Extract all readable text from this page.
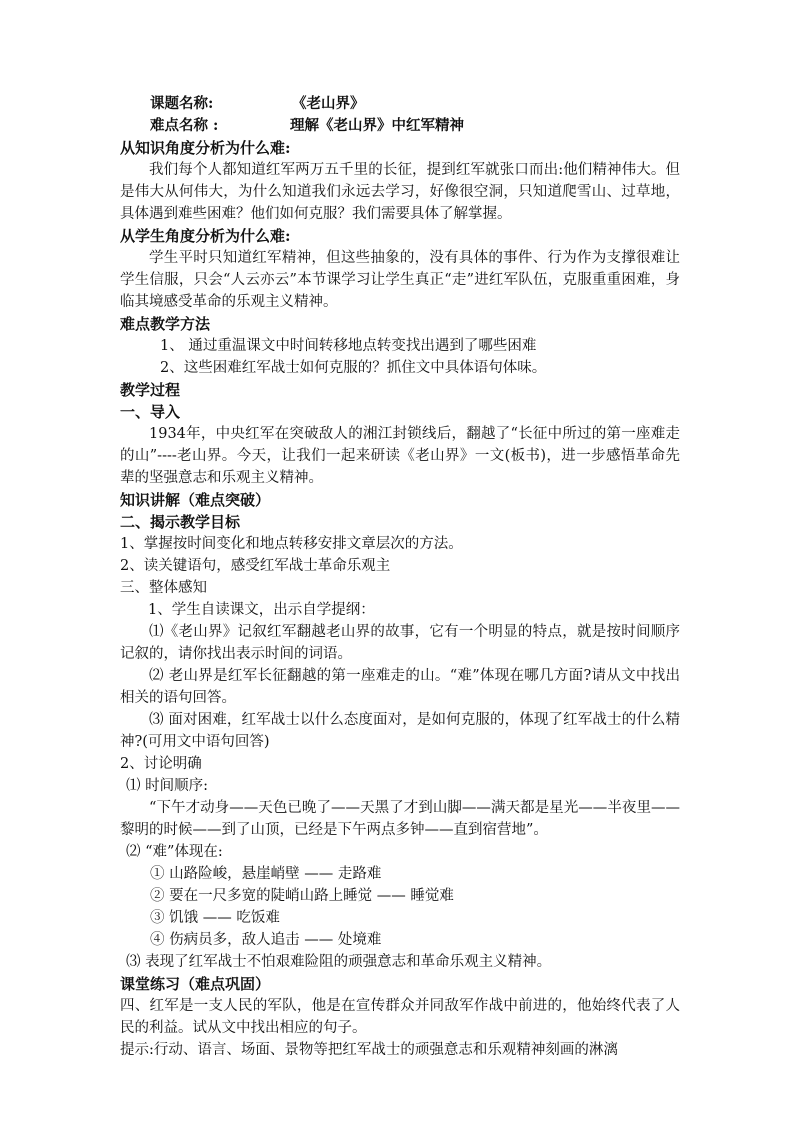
课题名称:	《老山界》
难点名称 :	理解《老山界》中红军精神
从知识角度分析为什么难:
我们每个人都知道红军两万五千里的长征，提到红军就张口而出:他们精神伟大。但是伟大从何伟大，为什么知道我们永远去学习，好像很空洞，只知道爬雪山、过草地，具体遇到难些困难？他们如何克服？我们需要具体了解掌握。
从学生角度分析为什么难:
学生平时只知道红军精神，但这些抽象的，没有具体的事件、行为作为支撑很难让学生信服，只会“人云亦云”本节课学习让学生真正“走”进红军队伍，克服重重困难，身临其境感受革命的乐观主义精神。
难点教学方法
1、 通过重温课文中时间转移地点转变找出遇到了哪些困难
2、这些困难红军战士如何克服的？抓住文中具体语句体味。
教学过程
一、导入
1934年，中央红军在突破敌人的湘江封锁线后，翻越了“长征中所过的第一座难走的山”----老山界。今天，让我们一起来研读《老山界》一文(板书)，进一步感悟革命先辈的坚强意志和乐观主义精神。
知识讲解（难点突破）
二、揭示教学目标
1、掌握按时间变化和地点转移安排文章层次的方法。
2、读关键语句，感受红军战士革命乐观主
三、整体感知
1、学生自读课文，出示自学提纲：
⑴《老山界》记叙红军翻越老山界的故事，它有一个明显的特点，就是按时间顺序记叙的，请你找出表示时间的词语。
⑵ 老山界是红军长征翻越的第一座难走的山。“难”体现在哪几方面?请从文中找出相关的语句回答。
⑶ 面对困难，红军战士以什么态度面对，是如何克服的，体现了红军战士的什么精神?(可用文中语句回答)
2、讨论明确
⑴ 时间顺序:
“下午才动身——天色已晚了——天黑了才到山脚——满天都是星光——半夜里——黎明的时候——到了山顶，已经是下午两点多钟——直到宿营地”。
⑵ “难”体现在:
① 山路险峻，悬崖峭壁 —— 走路难
② 要在一尺多宽的陡峭山路上睡觉 —— 睡觉难
③ 饥饿 —— 吃饭难
④ 伤病员多，敌人追击 —— 处境难
⑶ 表现了红军战士不怕艰难险阻的顽强意志和革命乐观主义精神。
课堂练习（难点巩固）
四、红军是一支人民的军队，他是在宣传群众并同敌军作战中前进的，他始终代表了人民的利益。试从文中找出相应的句子。
提示:行动、语言、场面、景物等把红军战士的顽强意志和乐观精神刻画的淋漓
